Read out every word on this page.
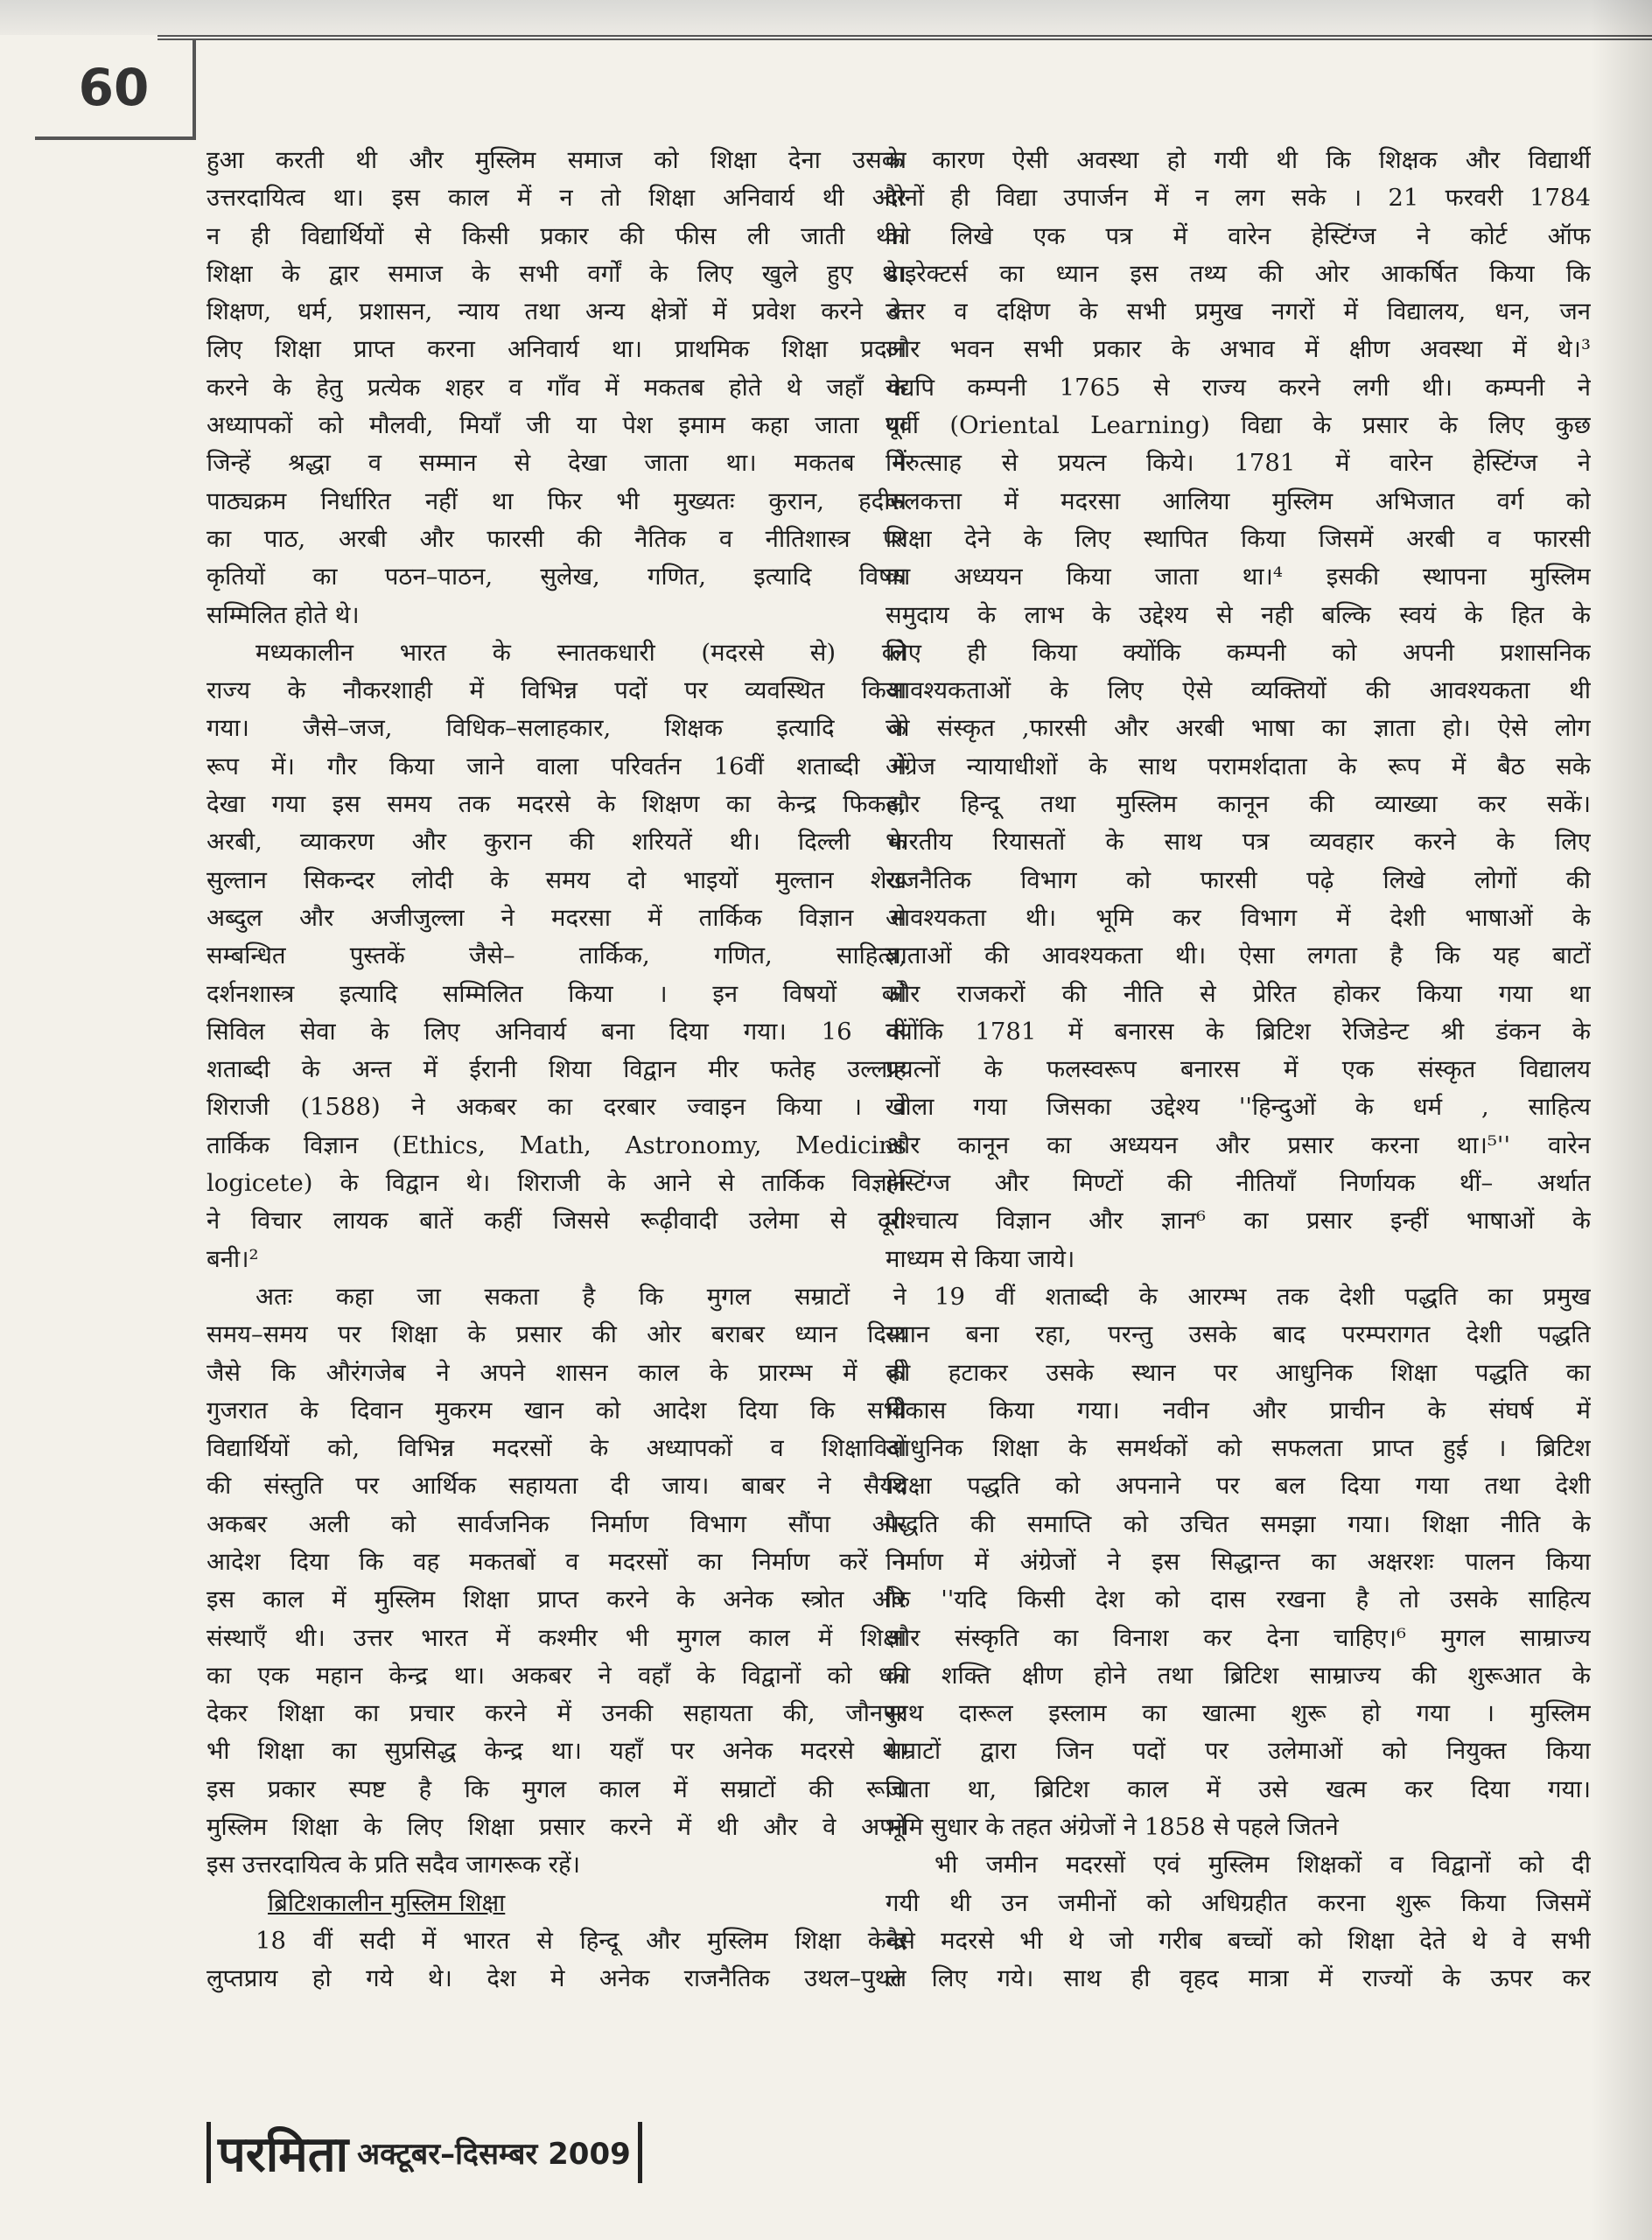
60
हुआ करती थी और मुस्लिम समाज को शिक्षा देना उसका
उत्तरदायित्व था। इस काल में न तो शिक्षा अनिवार्य थी और
न ही विद्यार्थियों से किसी प्रकार की फीस ली जाती थी।
शिक्षा के द्वार समाज के सभी वर्गों के लिए खुले हुए थे।
शिक्षण, धर्म, प्रशासन, न्याय तथा अन्य क्षेत्रों में प्रवेश करने के
लिए शिक्षा प्राप्त करना अनिवार्य था। प्राथमिक शिक्षा प्रदान
करने के हेतु प्रत्येक शहर व गाँव में मकतब होते थे जहाँ के
अध्यापकों को मौलवी, मियाँ जी या पेश इमाम कहा जाता था
जिन्हें श्रद्धा व सम्मान से देखा जाता था। मकतब में
पाठ्यक्रम निर्धारित नहीं था फिर भी मुख्यतः कुरान, हदीस
का पाठ, अरबी और फारसी की नैतिक व नीतिशास्त्र पर
कृतियों का पठन–पाठन, सुलेख, गणित, इत्यादि विषय
सम्मिलित होते थे।
मध्यकालीन भारत के स्नातकधारी (मदरसे से) को
राज्य के नौकरशाही में विभिन्न पदों पर व्यवस्थित किया
गया। जैसे–जज, विधिक–सलाहकार, शिक्षक इत्यादि के
रूप में। गौर किया जाने वाला परिवर्तन 16वीं शताब्दी में
देखा गया इस समय तक मदरसे के शिक्षण का केन्द्र फिकह,
अरबी, व्याकरण और कुरान की शरियतें थी। दिल्ली के
सुल्तान सिकन्दर लोदी के समय दो भाइयों मुल्तान शेख
अब्दुल और अजीजुल्ला ने मदरसा में तार्किक विज्ञान से
सम्बन्धित पुस्तकें जैसे– तार्किक, गणित, साहित्य,
दर्शनशास्त्र इत्यादि सम्मिलित किया । इन विषयों को
सिविल सेवा के लिए अनिवार्य बना दिया गया। 16 वीं
शताब्दी के अन्त में ईरानी शिया विद्वान मीर फतेह उल्लाह
शिराजी (1588) ने अकबर का दरबार ज्वाइन किया । वे
तार्किक विज्ञान (Ethics, Math, Astronomy, Medicins
logicete) के विद्वान थे। शिराजी के आने से तार्किक विज्ञान
ने विचार लायक बातें कहीं जिससे रूढ़ीवादी उलेमा से दूरी
बनी।²
अतः कहा जा सकता है कि मुगल सम्राटों ने
समय–समय पर शिक्षा के प्रसार की ओर बराबर ध्यान दिया
जैसे कि औरंगजेब ने अपने शासन काल के प्रारम्भ में ही
गुजरात के दिवान मुकरम खान को आदेश दिया कि सभी
विद्यार्थियों को, विभिन्न मदरसों के अध्यापकों व शिक्षाविदों
की संस्तुति पर आर्थिक सहायता दी जाय। बाबर ने सैयद
अकबर अली को सार्वजनिक निर्माण विभाग सौंपा और
आदेश दिया कि वह मकतबों व मदरसों का निर्माण करें ।
इस काल में मुस्लिम शिक्षा प्राप्त करने के अनेक स्त्रोत और
संस्थाएँ थी। उत्तर भारत में कश्मीर भी मुगल काल में शिक्षा
का एक महान केन्द्र था। अकबर ने वहाँ के विद्वानों को धन
देकर शिक्षा का प्रचार करने में उनकी सहायता की, जौनपुर
भी शिक्षा का सुप्रसिद्ध केन्द्र था। यहाँ पर अनेक मदरसे थे।
इस प्रकार स्पष्ट है कि मुगल काल में सम्राटों की रूचि
मुस्लिम शिक्षा के लिए शिक्षा प्रसार करने में थी और वे अपने
इस उत्तरदायित्व के प्रति सदैव जागरूक रहें।
ब्रिटिशकालीन मुस्लिम शिक्षा
18 वीं सदी में भारत से हिन्दू और मुस्लिम शिक्षा केन्द्र
लुप्तप्राय हो गये थे। देश मे अनेक राजनैतिक उथल–पुथल
के कारण ऐसी अवस्था हो गयी थी कि शिक्षक और विद्यार्थी
दोनों ही विद्या उपार्जन में न लग सके । 21 फरवरी 1784
को लिखे एक पत्र में वारेन हेस्टिंग्ज ने कोर्ट ऑफ
डाइरेक्टर्स का ध्यान इस तथ्य की ओर आकर्षित किया कि
उत्तर व दक्षिण के सभी प्रमुख नगरों में विद्यालय, धन, जन
और भवन सभी प्रकार के अभाव में क्षीण अवस्था में थे।³
यद्यपि कम्पनी 1765 से राज्य करने लगी थी। कम्पनी ने
पूर्वी (Oriental Learning) विद्या के प्रसार के लिए कुछ
निरुत्साह से प्रयत्न किये। 1781 में वारेन हेस्टिंग्ज ने
कलकत्ता में मदरसा आलिया मुस्लिम अभिजात वर्ग को
शिक्षा देने के लिए स्थापित किया जिसमें अरबी व फारसी
का अध्ययन किया जाता था।⁴ इसकी स्थापना मुस्लिम
समुदाय के लाभ के उद्देश्य से नही बल्कि स्वयं के हित के
लिए ही किया क्योंकि कम्पनी को अपनी प्रशासनिक
आवश्यकताओं के लिए ऐसे व्यक्तियों की आवश्यकता थी
जो संस्कृत ,फारसी और अरबी भाषा का ज्ञाता हो। ऐसे लोग
अंग्रेज न्यायाधीशों के साथ परामर्शदाता के रूप में बैठ सके
और हिन्दू तथा मुस्लिम कानून की व्याख्या कर सकें।
भारतीय रियासतों के साथ पत्र व्यवहार करने के लिए
राजनैतिक विभाग को फारसी पढ़े लिखे लोगों की
आवश्यकता थी। भूमि कर विभाग में देशी भाषाओं के
ज्ञाताओं की आवश्यकता थी। ऐसा लगता है कि यह बाटों
और राजकरों की नीति से प्रेरित होकर किया गया था
क्योंकि 1781 में बनारस के ब्रिटिश रेजिडेन्ट श्री डंकन के
प्रयत्नों के फलस्वरूप बनारस में एक संस्कृत विद्यालय
खोला गया जिसका उद्देश्य ''हिन्दुओं के धर्म , साहित्य
और कानून का अध्ययन और प्रसार करना था।⁵'' वारेन
हेस्टिंग्ज और मिण्टों की नीतियाँ निर्णायक थीं– अर्थात
पाश्चात्य विज्ञान और ज्ञान⁶ का प्रसार इन्हीं भाषाओं के
माध्यम से किया जाये।
19 वीं शताब्दी के आरम्भ तक देशी पद्धति का प्रमुख
स्थान बना रहा, परन्तु उसके बाद परम्परागत देशी पद्धति
को हटाकर उसके स्थान पर आधुनिक शिक्षा पद्धति का
विकास किया गया। नवीन और प्राचीन के संघर्ष में
आधुनिक शिक्षा के समर्थकों को सफलता प्राप्त हुई । ब्रिटिश
शिक्षा पद्धति को अपनाने पर बल दिया गया तथा देशी
पद्धति की समाप्ति को उचित समझा गया। शिक्षा नीति के
निर्माण में अंग्रेजों ने इस सिद्धान्त का अक्षरशः पालन किया
कि ''यदि किसी देश को दास रखना है तो उसके साहित्य
और संस्कृति का विनाश कर देना चाहिए।⁶ मुगल साम्राज्य
की शक्ति क्षीण होने तथा ब्रिटिश साम्राज्य की शुरूआत के
साथ दारूल इस्लाम का खात्मा शुरू हो गया । मुस्लिम
सम्राटों द्वारा जिन पदों पर उलेमाओं को नियुक्त किया
जाता था, ब्रिटिश काल में उसे खत्म कर दिया गया।
भूमि सुधार के तहत अंग्रेजों ने 1858 से पहले जितने
भी जमीन मदरसों एवं मुस्लिम शिक्षकों व विद्वानों को दी
गयी थी उन जमीनों को अधिग्रहीत करना शुरू किया जिसमें
वैसे मदरसे भी थे जो गरीब बच्चों को शिक्षा देते थे वे सभी
ले लिए गये। साथ ही वृहद मात्रा में राज्यों के ऊपर कर
परमिता अक्टूबर–दिसम्बर 2009
